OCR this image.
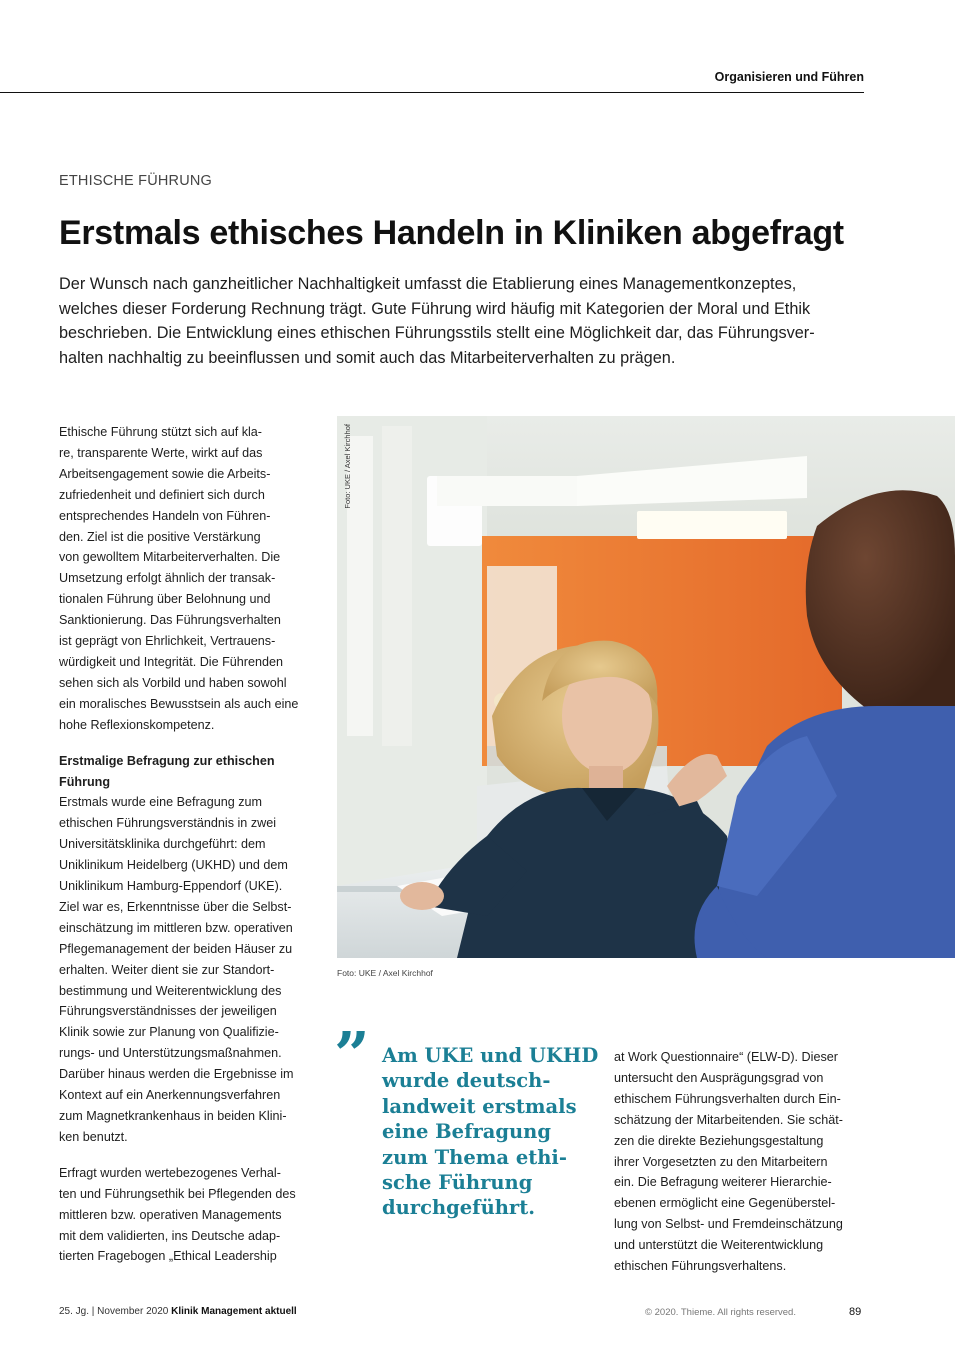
Organisieren und Führen
ETHISCHE FÜHRUNG
Erstmals ethisches Handeln in Kliniken abgefragt
Der Wunsch nach ganzheitlicher Nachhaltigkeit umfasst die Etablierung eines Managementkonzeptes,
welches dieser Forderung Rechnung trägt. Gute Führung wird häufig mit Kategorien der Moral und Ethik
beschrieben. Die Entwicklung eines ethischen Führungsstils stellt eine Möglichkeit dar, das Führungsver-
halten nachhaltig zu beeinflussen und somit auch das Mitarbeiterverhalten zu prägen.
Ethische Führung stützt sich auf kla-
re, transparente Werte, wirkt auf das
Arbeitsengagement sowie die Arbeits-
zufriedenheit und definiert sich durch
entsprechendes Handeln von Führen-
den. Ziel ist die positive Verstärkung
von gewolltem Mitarbeiterverhalten. Die
Umsetzung erfolgt ähnlich der transak-
tionalen Führung über Belohnung und
Sanktionierung. Das Führungsverhalten
ist geprägt von Ehrlichkeit, Vertrauens-
würdigkeit und Integrität. Die Führenden
sehen sich als Vorbild und haben sowohl
ein moralisches Bewusstsein als auch eine
hohe Reflexionskompetenz.
Erstmalige Befragung zur ethischen
Führung
Erstmals wurde eine Befragung zum
ethischen Führungsverständnis in zwei
Universitätsklinika durchgeführt: dem
Uniklinikum Heidelberg (UKHD) und dem
Uniklinikum Hamburg-Eppendorf (UKE).
Ziel war es, Erkenntnisse über die Selbst-
einschätzung im mittleren bzw. operativen
Pflegemanagement der beiden Häuser zu
erhalten. Weiter dient sie zur Standort-
bestimmung und Weiterentwicklung des
Führungsverständnisses der jeweiligen
Klinik sowie zur Planung von Qualifizie-
rungs- und Unterstützungsmaßnahmen.
Darüber hinaus werden die Ergebnisse im
Kontext auf ein Anerkennungsverfahren
zum Magnetkrankenhaus in beiden Klini-
ken benutzt.
Erfragt wurden wertebezogenes Verhal-
ten und Führungsethik bei Pflegenden des
mittleren bzw. operativen Managements
mit dem validierten, ins Deutsche adap-
tierten Fragebogen „Ethical Leadership
Foto: UKE / Axel Kirchhof
Foto: UKE / Axel Kirchhof
” Am UKE und UKHD
wurde deutsch-
landweit erstmals
eine Befragung
zum Thema ethi-
sche Führung
durchgeführt.
at Work Questionnaire“ (ELW-D). Dieser
untersucht den Ausprägungsgrad von
ethischem Führungsverhalten durch Ein-
schätzung der Mitarbeitenden. Sie schät-
zen die direkte Beziehungsgestaltung
ihrer Vorgesetzten zu den Mitarbeitern
ein. Die Befragung weiterer Hierarchie-
ebenen ermöglicht eine Gegenüberstel-
lung von Selbst- und Fremdeinschätzung
und unterstützt die Weiterentwicklung
ethischen Führungsverhaltens.
25. Jg. | November 2020 Klinik Management aktuell	© 2020. Thieme. All rights reserved.	89
